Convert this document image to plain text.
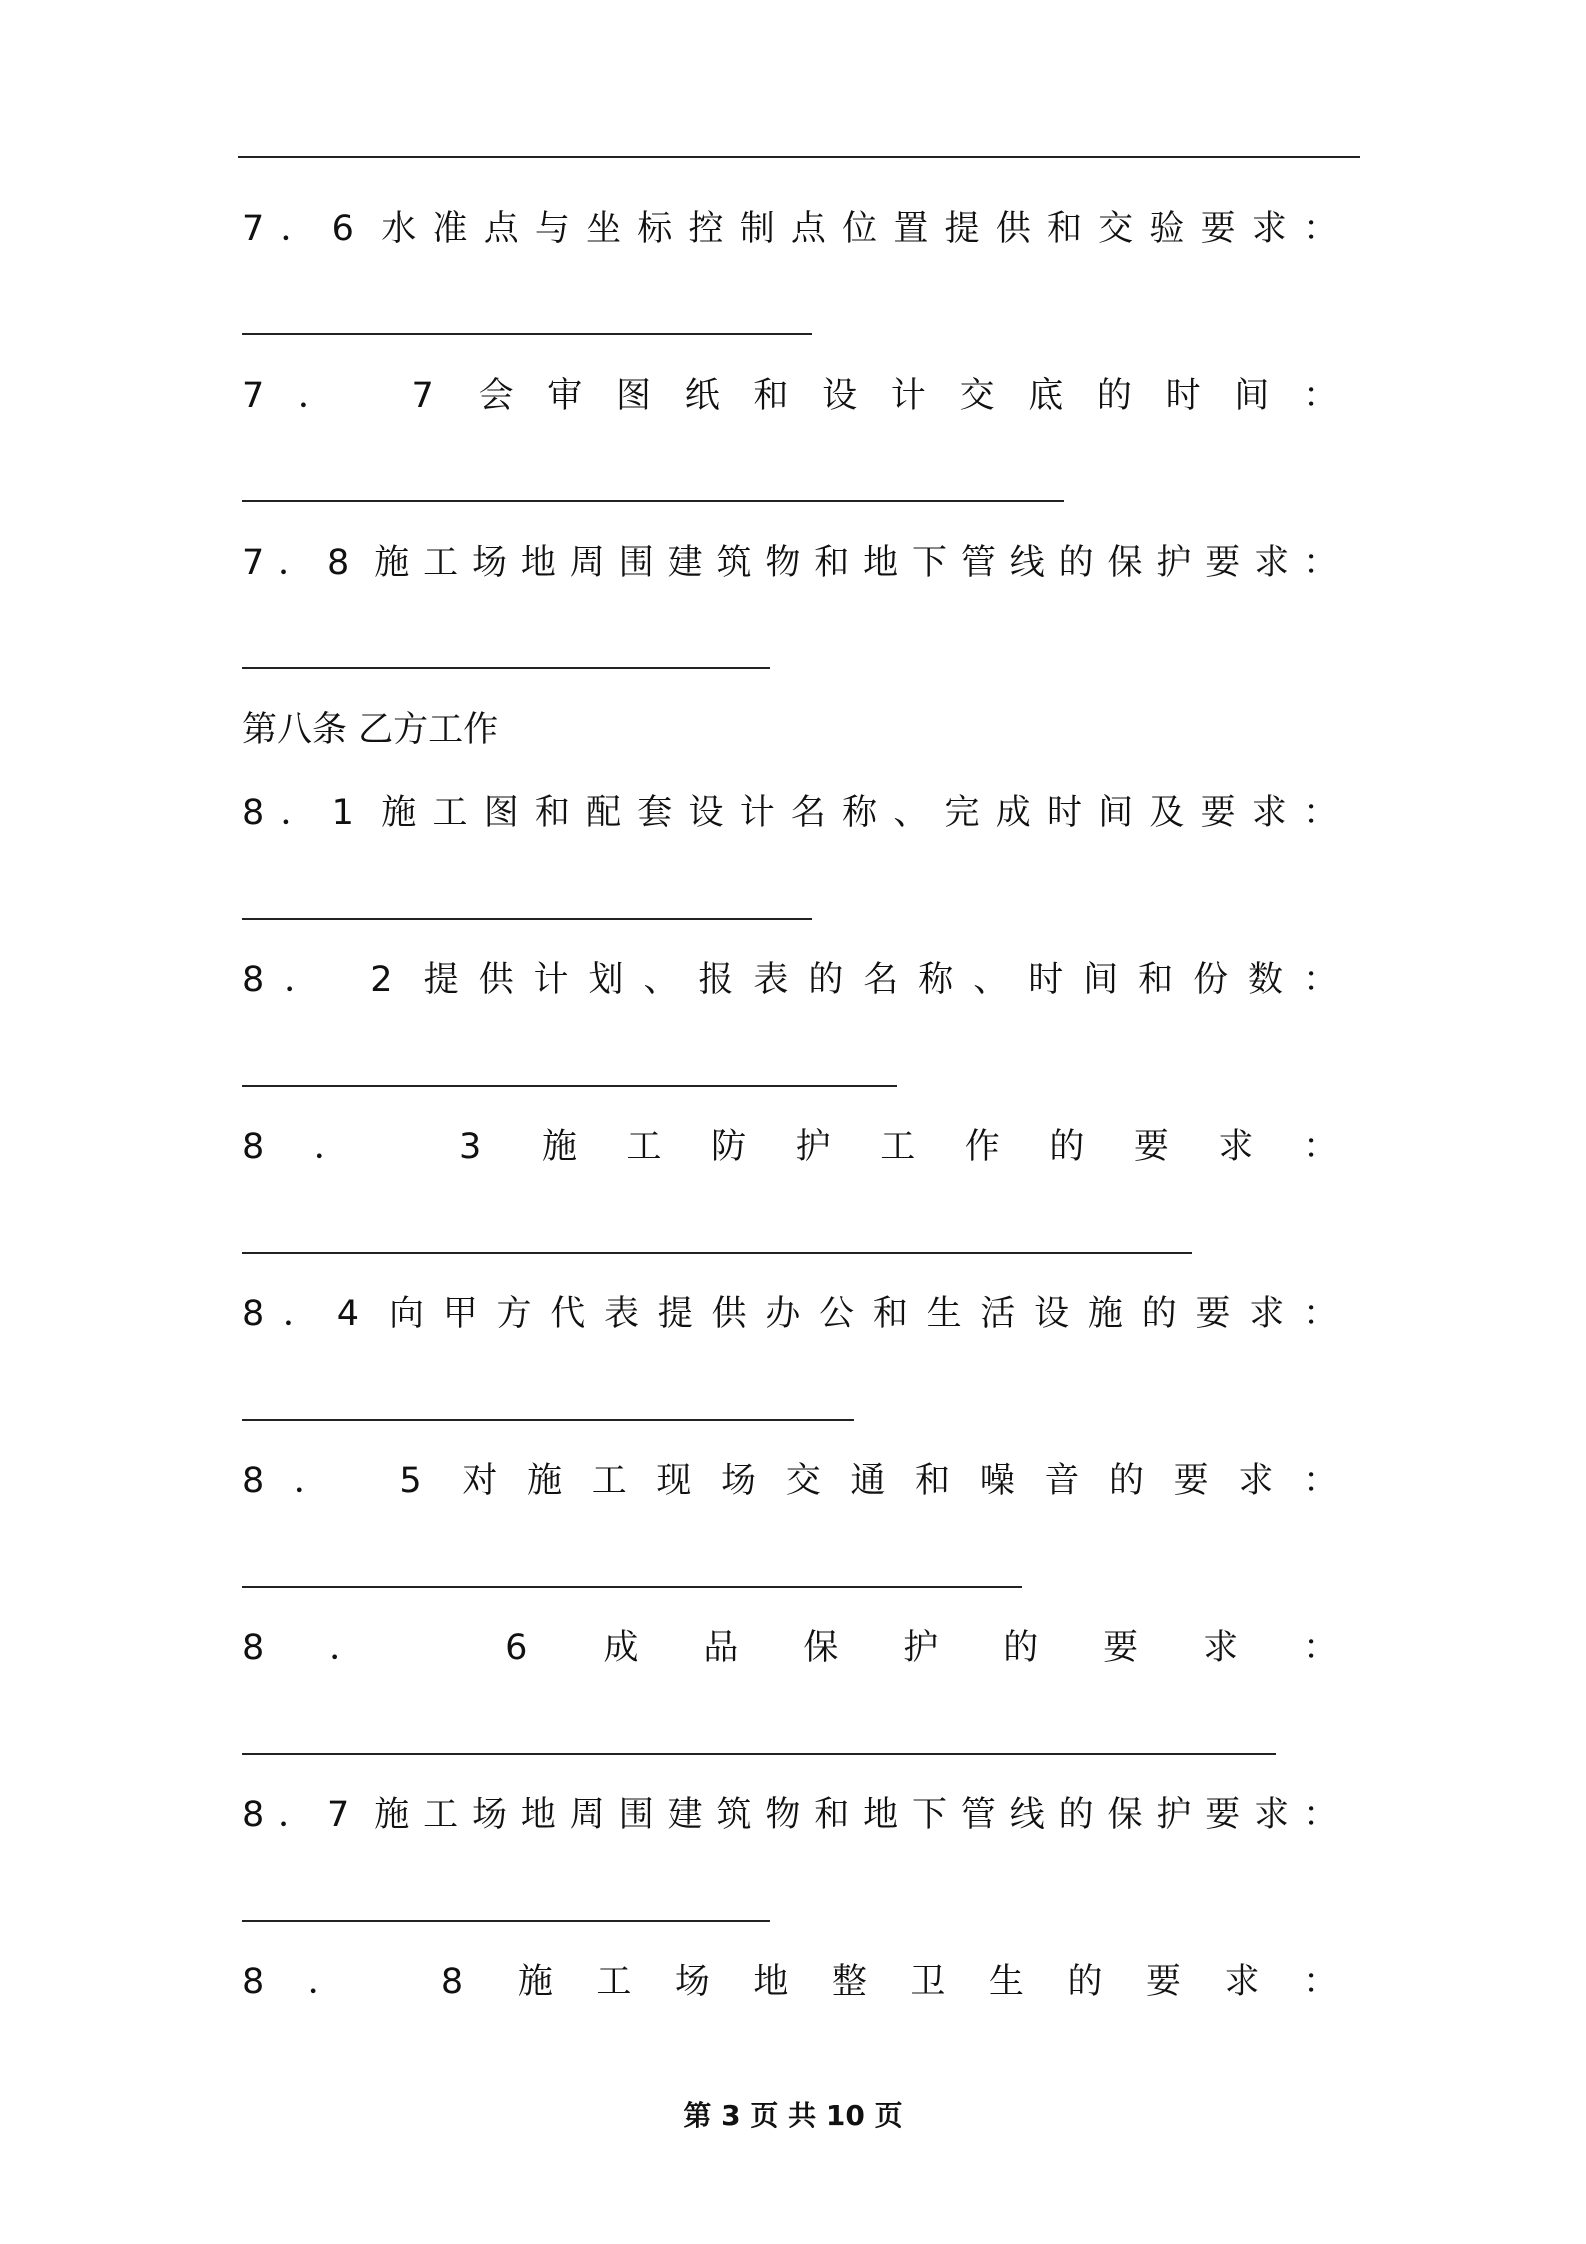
7．6 水准点与坐标控制点位置提供和交验要求：
7． 7 会审图纸和设计交底的时间：
7．8 施工场地周围建筑物和地下管线的保护要求：
第八条 乙方工作
8．1 施工图和配套设计名称、完成时间及要求：
8． 2 提供计划、报表的名称、时间和份数：
8． 3 施工防护工作的要求：
8．4 向甲方代表提供办公和生活设施的要求：
8． 5 对施工现场交通和噪音的要求：
8． 6 成品保护的要求：
8．7 施工场地周围建筑物和地下管线的保护要求：
8． 8 施工场地整卫生的要求：
第 3 页 共 10 页
